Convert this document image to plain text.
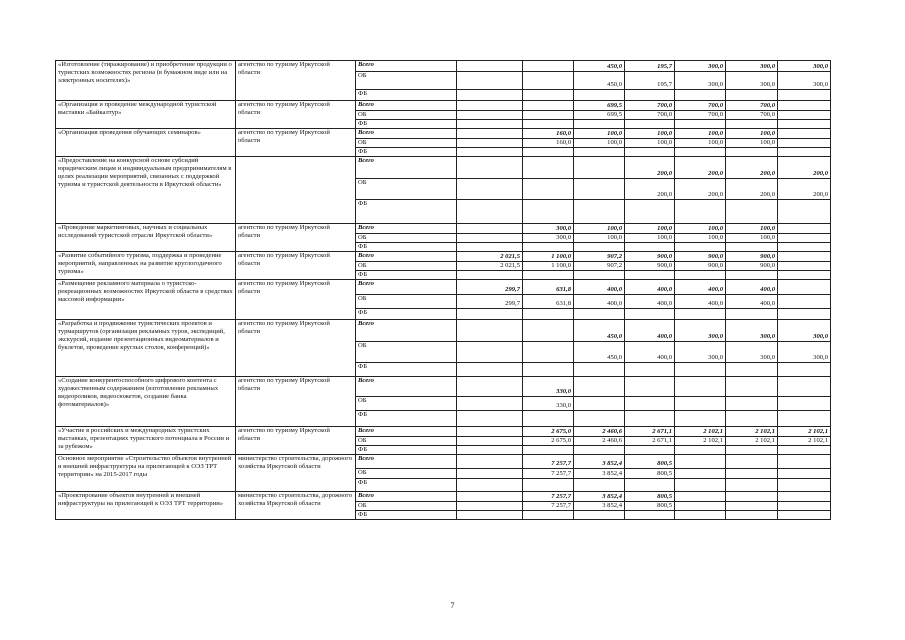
«Изготовление (тиражирование) и приобретение продукции о туристских возможностях региона (в бумажном виде или на электронных носителях)»	агентство по туризму Иркутской области	Всего			450,0	195,7	300,0	300,0	300,0
		ОБ			450,0	195,7	300,0	300,0	300,0
		ФБ							
«Организация и проведение международной туристской выставки «Байкалтур»	агентство по туризму Иркутской области	Всего			699,5	700,0	700,0	700,0	
		ОБ			699,5	700,0	700,0	700,0	
		ФБ							
«Организация проведения обучающих семинаров»	агентство по туризму Иркутской области	Всего		160,0	100,0	100,0	100,0	100,0	
		ОБ		160,0	100,0	100,0	100,0	100,0	
		ФБ							
«Предоставление на конкурсной основе субсидий юридическим лицам и индивидуальным предпринимателям в целях реализации мероприятий, связанных с поддержкой туризма и туристской деятельности в Иркутской области»		Всего				200,0	200,0	200,0	200,0
		ОБ				200,0	200,0	200,0	200,0
		ФБ							
«Проведение маркетинговых, научных и социальных исследований туристской отрасли Иркутской области»	агентство по туризму Иркутской области	Всего		300,0	100,0	100,0	100,0	100,0	
		ОБ		300,0	100,0	100,0	100,0	100,0	
		ФБ							
«Развитие событийного туризма, поддержка и проведение мероприятий, направленных на развитие круглогодичного туризма»	агентство по туризму Иркутской области	Всего	2 021,5	1 100,0	907,2	900,0	900,0	900,0	
		ОБ	2 021,5	1 100,0	907,2	900,0	900,0	900,0	
		ФБ							
«Размещение рекламного материала о туристско-рекреационных возможностях Иркутской области в средствах массовой информации»	агентство по туризму Иркутской области	Всего	299,7	631,8	400,0	400,0	400,0	400,0	
		ОБ	299,7	631,8	400,0	400,0	400,0	400,0	
		ФБ							
«Разработка и продвижение туристических проектов и турмаршрутов (организация рекламных туров, экспедиций, экскурсий, издание презентационных видеоматериалов и буклетов, проведение круглых столов, конференций)»	агентство по туризму Иркутской области	Всего			450,0	400,0	300,0	300,0	300,0
		ОБ			450,0	400,0	300,0	300,0	300,0
		ФБ							
«Создание конкурентоспособного цифрового контента с художественным содержанием (изготовление рекламных видеороликов, видеосюжетов, создание банка фотоматериалов)»	агентство по туризму Иркутской области	Всего		330,0					
		ОБ		330,0					
		ФБ							
«Участие в российских и международных туристских выставках, презентациях туристского потенциала в России и за рубежом»	агентство по туризму Иркутской области	Всего		2 675,0	2 460,6	2 671,1	2 102,1	2 102,1	2 102,1
		ОБ		2 675,0	2 460,6	2 671,1	2 102,1	2 102,1	2 102,1
		ФБ							
Основное мероприятие «Строительство объектов внутренней и внешней инфраструктуры на прилегающей к ОЭЗ ТРТ территории» на 2015-2017 годы	министерство строительства, дорожного хозяйства Иркутской области	Всего		7 257,7	3 852,4	800,5			
		ОБ		7 257,7	3 852,4	800,5			
		ФБ							
«Проектирование объектов внутренней и внешней инфраструктуры на прилегающей к ОЭЗ ТРТ территории»	министерство строительства, дорожного хозяйства Иркутской области	Всего		7 257,7	3 852,4	800,5			
		ОБ		7 257,7	3 852,4	800,5			
		ФБ							
7
